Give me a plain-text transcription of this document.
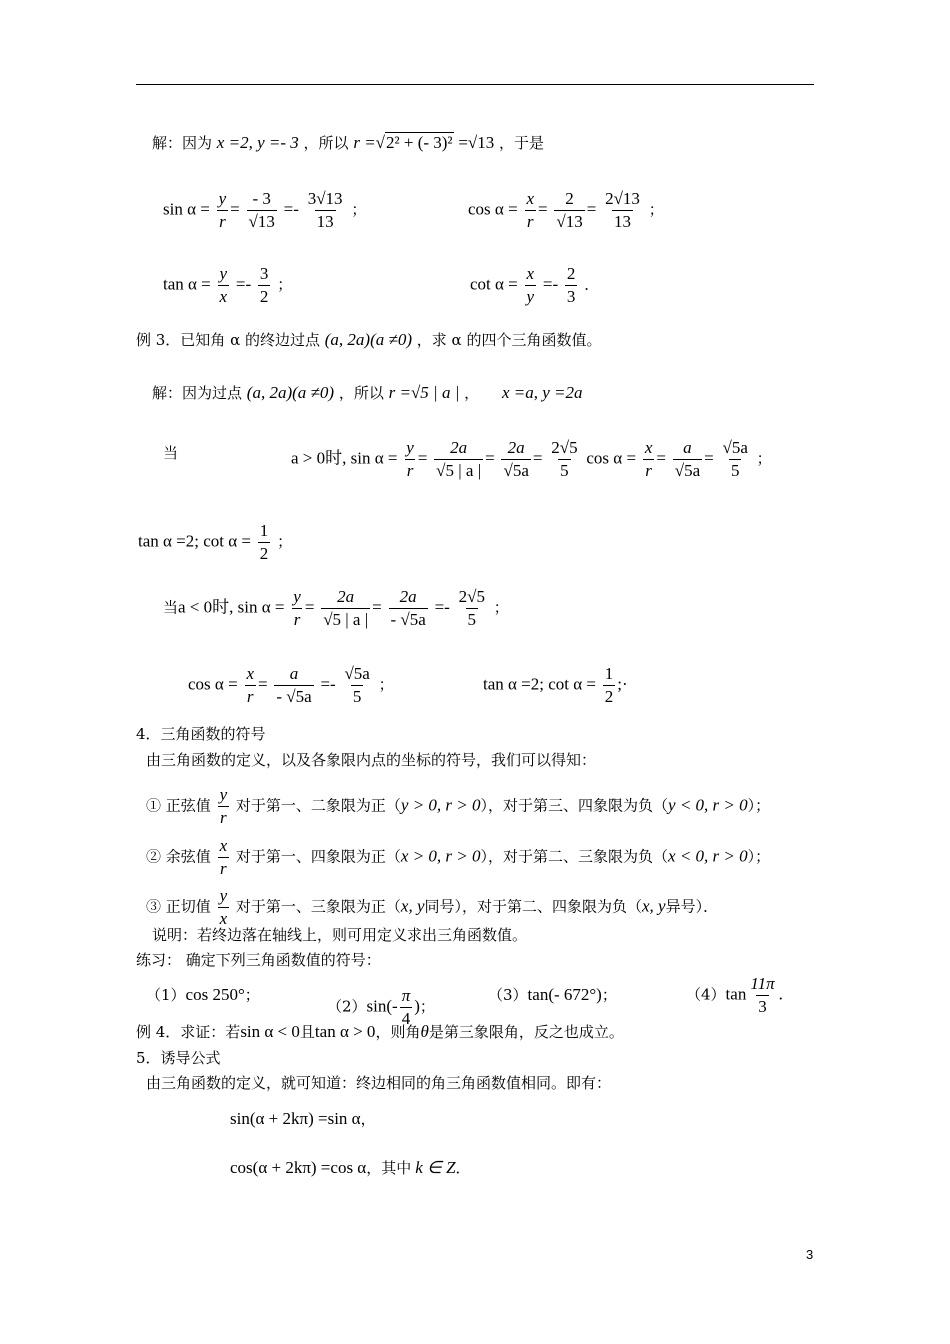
解：因为 x =2, y =- 3 ，所以 r =√2² + (- 3)² =√13 ，于是
$\sin \alpha = \frac{y}{r} = \frac{- 3}{√13} =- \frac{3√13}{13}$ ；	$\cos \alpha = \frac{x}{r} = \frac{2}{√13} = \frac{2√13}{13}$ ；
$\tan \alpha = \frac{y}{x} =- \frac{3}{2}$ ；	$\cot \alpha = \frac{x}{y} =- \frac{2}{3}$ ．
例 3．已知角 α 的终边过点 (a, 2a)(a ≠0) ，求 α 的四个三角函数值。
解：因为过点 (a, 2a)(a ≠0) ，所以 r =√5 | a | ， x =a, y =2a
当	a > 0时, $\sin \alpha = \frac{y}{r} = \frac{2a}{√5 | a |} = \frac{2a}{√5a} = \frac{2√5}{5}$ $\cos \alpha = \frac{x}{r} = \frac{a}{√5a} = \frac{√5a}{5}$ ；
tan α =2; $\cot \alpha = \frac{1}{2}$ ；
当a < 0时, $\sin \alpha = \frac{y}{r} = \frac{2a}{√5 | a |} = \frac{2a}{- √5a} =- \frac{2√5}{5}$ ；
$\cos \alpha = \frac{x}{r} = \frac{a}{- √5a} =- \frac{√5a}{5}$ ；	tan α =2; $\cot \alpha = \frac{1}{2}$ ;·
4．三角函数的符号
由三角函数的定义，以及各象限内点的坐标的符号，我们可以得知：
① 正弦值 $\frac{y}{r}$ 对于第一、二象限为正（y > 0, r > 0），对于第三、四象限为负（y < 0, r > 0）；
② 余弦值 $\frac{x}{r}$ 对于第一、四象限为正（x > 0, r > 0），对于第二、三象限为负（x < 0, r > 0）；
③ 正切值 $\frac{y}{x}$ 对于第一、三象限为正（x, y同号），对于第二、四象限为负（x, y异号）．
说明：若终边落在轴线上，则可用定义求出三角函数值。
练习： 确定下列三角函数值的符号：
（1）cos 250°；
$(2)\sin(- \frac{\pi}{4}$ )；
（3）tan(- 672°)；	$(4)\tan \frac{11\pi}{3}$ .
例 4．求证：若sin α < 0且tan α > 0，则角θ是第三象限角，反之也成立。
5．诱导公式
由三角函数的定义，就可知道：终边相同的角三角函数值相同。即有：
sin(α + 2kπ) =sin α，
cos(α + 2kπ) =cos α，其中 k ∈ Z．
3
